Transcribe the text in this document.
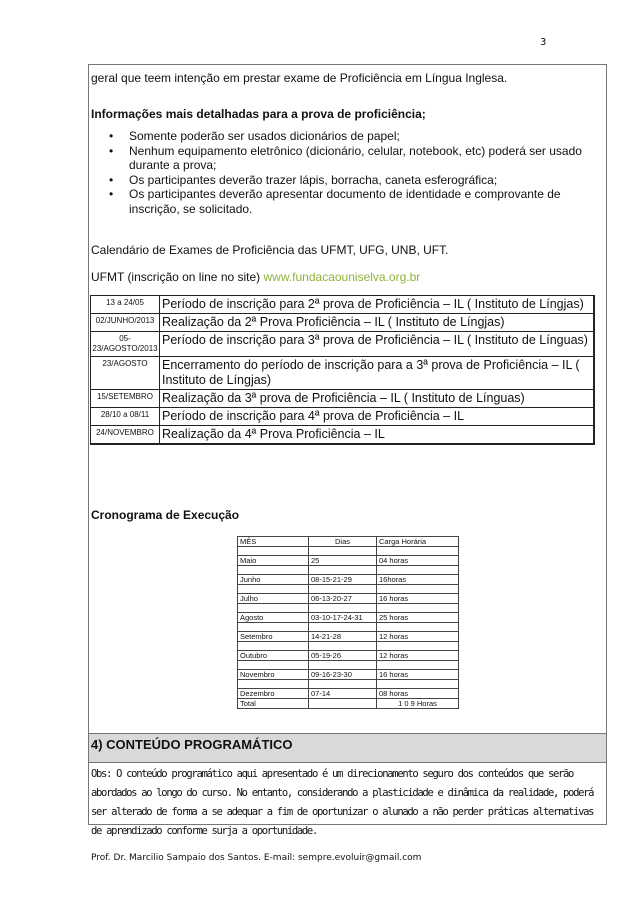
3

geral que teem intenção em prestar exame de Proficiência em Língua Inglesa.

Informações mais detalhadas para a prova de proficiência;

• Somente poderão ser usados dicionários de papel;
• Nenhum equipamento eletrônico (dicionário, celular, notebook, etc) poderá ser usado durante a prova;
• Os participantes deverão trazer lápis, borracha, caneta esferográfica;
• Os participantes deverão apresentar documento de identidade e comprovante de inscrição, se solicitado.

Calendário de Exames de Proficiência das UFMT, UFG, UNB, UFT.

UFMT (inscrição on line no site) www.fundacaouniselva.org.br

13 a 24/05	Período de inscrição para 2ª prova de Proficiência – IL ( Instituto de Língjas)
02/JUNHO/2013	Realização da 2ª Prova Proficiência – IL ( Instituto de Língjas)
05-23/AGOSTO/2013	Período de inscrição para 3ª prova de Proficiência – IL ( Instituto de Línguas)
23/AGOSTO	Encerramento do período de inscrição para a 3ª prova de Proficiência – IL ( Instituto de Língjas)
15/SETEMBRO	Realização da 3ª prova de Proficiência – IL ( Instituto de Línguas)
28/10 a 08/11	Período de inscrição para 4ª prova de Proficiência – IL
24/NOVEMBRO	Realização da 4ª Prova Proficiência – IL
Cronograma de Execução
MÊS	Dias	Carga Horária

Maio	25	04 horas

Junho	08-15-21-29	16horas

Julho	06-13-20-27	16 horas

Agosto	03-10-17-24-31	25 horas

Setembro	14-21-28	12 horas

Outubro	05-19-26	12 horas

Novembro	09-16-23-30	16 horas

Dezembro	07-14	08 horas
Total		1 0 9 Horas
4) CONTEÚDO PROGRAMÁTICO
Obs: O conteúdo programático aqui apresentado é um direcionamento seguro dos conteúdos que serão abordados ao longo do curso. No entanto, considerando a plasticidade e dinâmica da realidade, poderá ser alterado de forma a se adequar a fim de oportunizar o alunado a não perder práticas alternativas de aprendizado conforme surja a oportunidade.
Prof. Dr. Marcilio Sampaio dos Santos. E-mail: sempre.evoluir@gmail.com
